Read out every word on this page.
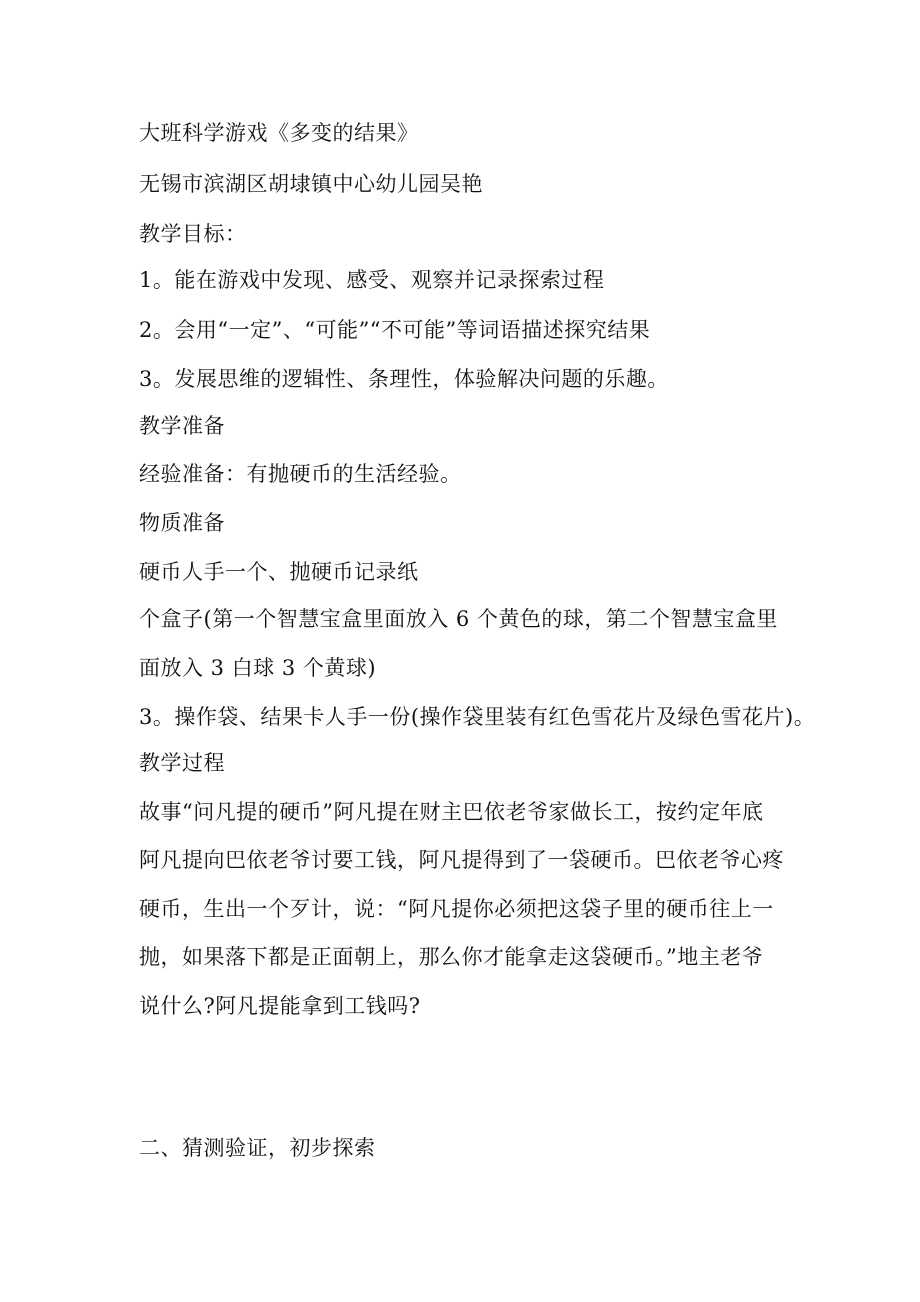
大班科学游戏《多变的结果》
无锡市滨湖区胡埭镇中心幼儿园吴艳
教学目标：
1。能在游戏中发现、感受、观察并记录探索过程
2。会用“一定”、“可能”“不可能”等词语描述探究结果
3。发展思维的逻辑性、条理性，体验解决问题的乐趣。
教学准备
经验准备：有抛硬币的生活经验。
物质准备
硬币人手一个、抛硬币记录纸
个盒子(第一个智慧宝盒里面放入 6 个黄色的球，第二个智慧宝盒里
面放入 3 白球 3 个黄球)
3。操作袋、结果卡人手一份(操作袋里装有红色雪花片及绿色雪花片)。
教学过程
故事“问凡提的硬币”阿凡提在财主巴依老爷家做长工，按约定年底
阿凡提向巴依老爷讨要工钱，阿凡提得到了一袋硬币。巴依老爷心疼
硬币，生出一个歹计，说：“阿凡提你必须把这袋子里的硬币往上一
抛，如果落下都是正面朝上，那么你才能拿走这袋硬币。”地主老爷
说什么?阿凡提能拿到工钱吗?
二、猜测验证，初步探索
